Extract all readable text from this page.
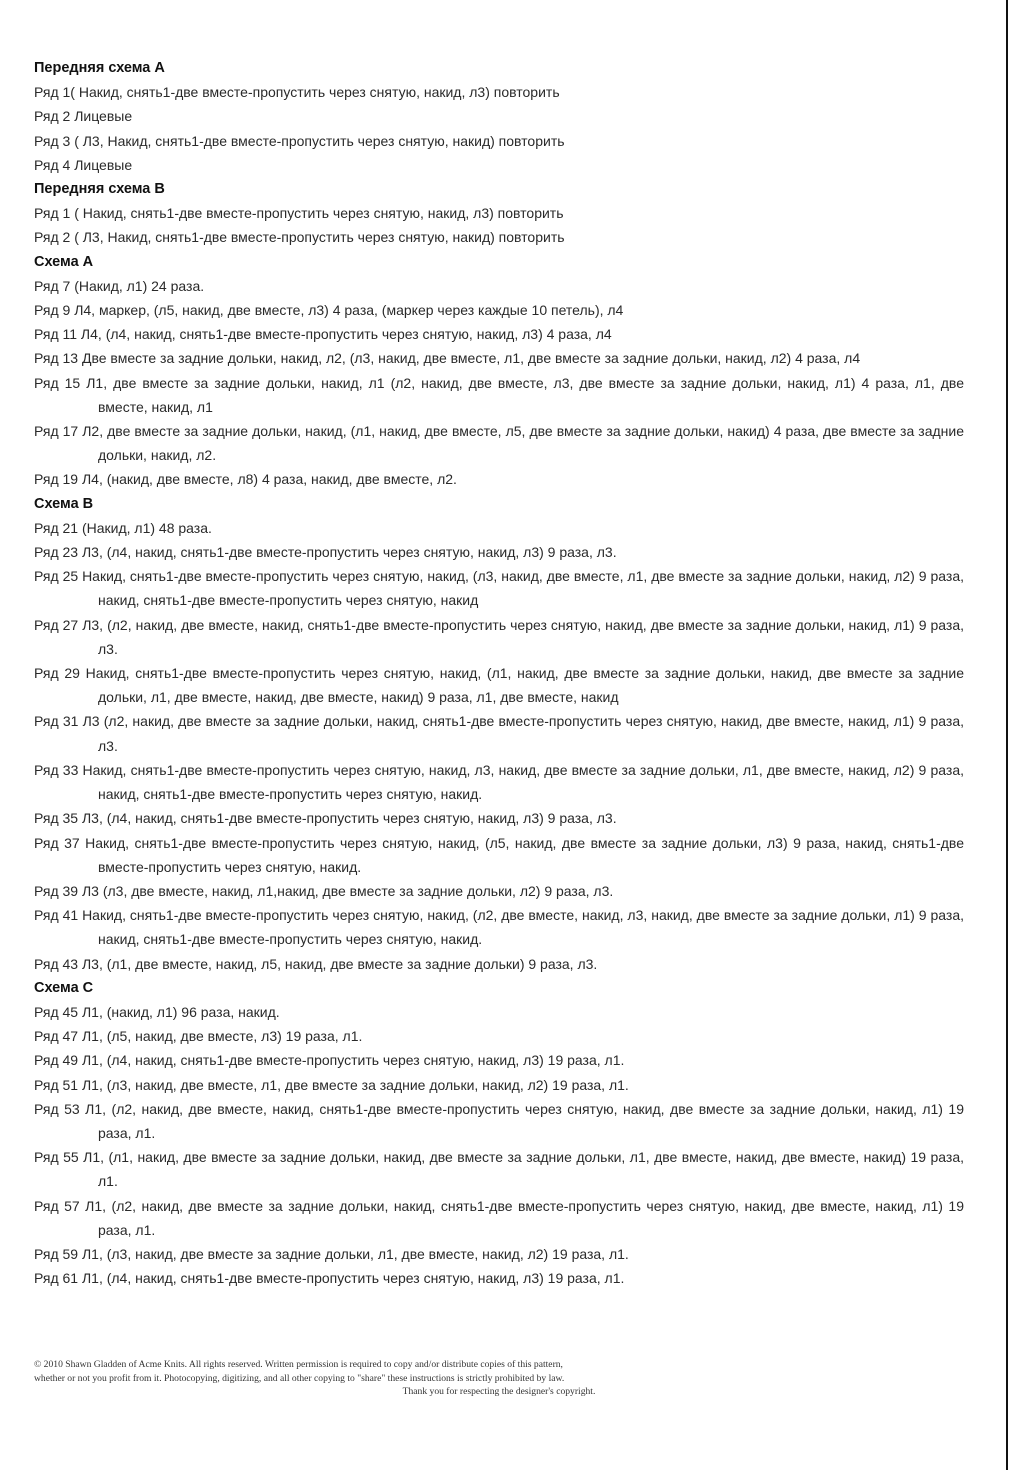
Передняя схема А
Ряд 1( Накид, снять1-две вместе-пропустить через снятую, накид, л3) повторить
Ряд 2 Лицевые
Ряд 3 ( Л3, Накид, снять1-две вместе-пропустить через снятую, накид) повторить
Ряд 4 Лицевые
Передняя схема В
Ряд 1 ( Накид, снять1-две вместе-пропустить через снятую, накид, л3) повторить
Ряд 2 ( Л3, Накид, снять1-две вместе-пропустить через снятую, накид) повторить
Схема А
Ряд 7 (Накид, л1) 24 раза.
Ряд 9 Л4, маркер, (л5, накид, две вместе, л3) 4 раза, (маркер через каждые 10 петель), л4
Ряд 11 Л4, (л4, накид, снять1-две вместе-пропустить через снятую, накид, л3) 4 раза, л4
Ряд 13 Две вместе за задние дольки, накид, л2, (л3, накид, две вместе, л1, две вместе за задние дольки, накид, л2) 4 раза, л4
Ряд 15 Л1, две вместе за задние дольки, накид, л1 (л2, накид, две вместе, л3, две вместе за задние дольки, накид, л1) 4 раза, л1, две вместе, накид, л1
Ряд 17 Л2, две вместе за задние дольки, накид, (л1, накид, две вместе, л5, две вместе за задние дольки, накид) 4 раза, две вместе за задние дольки, накид, л2.
Ряд 19 Л4, (накид, две вместе, л8) 4 раза, накид, две вместе, л2.
Схема В
Ряд 21 (Накид, л1) 48 раза.
Ряд 23 Л3, (л4, накид, снять1-две вместе-пропустить через снятую, накид, л3) 9 раза, л3.
Ряд 25 Накид, снять1-две вместе-пропустить через снятую, накид, (л3, накид, две вместе, л1, две вместе за задние дольки, накид, л2) 9 раза, накид, снять1-две вместе-пропустить через снятую, накид
Ряд 27 Л3, (л2, накид, две вместе, накид, снять1-две вместе-пропустить через снятую, накид, две вместе за задние дольки, накид, л1) 9 раза, л3.
Ряд 29 Накид, снять1-две вместе-пропустить через снятую, накид, (л1, накид, две вместе за задние дольки, накид, две вместе за задние дольки, л1, две вместе, накид, две вместе, накид) 9 раза, л1, две вместе, накид
Ряд 31 Л3 (л2, накид, две вместе за задние дольки, накид, снять1-две вместе-пропустить через снятую, накид, две вместе, накид, л1) 9 раза, л3.
Ряд 33 Накид, снять1-две вместе-пропустить через снятую, накид, л3, накид, две вместе за задние дольки, л1, две вместе, накид, л2) 9 раза, накид, снять1-две вместе-пропустить через снятую, накид.
Ряд 35 Л3, (л4, накид, снять1-две вместе-пропустить через снятую, накид, л3) 9 раза, л3.
Ряд 37 Накид, снять1-две вместе-пропустить через снятую, накид, (л5, накид, две вместе за задние дольки, л3) 9 раза, накид, снять1-две вместе-пропустить через снятую, накид.
Ряд 39 Л3 (л3, две вместе, накид, л1,накид, две вместе за задние дольки, л2) 9 раза, л3.
Ряд 41 Накид, снять1-две вместе-пропустить через снятую, накид, (л2, две вместе, накид, л3, накид, две вместе за задние дольки, л1) 9 раза, накид, снять1-две вместе-пропустить через снятую, накид.
Ряд 43 Л3, (л1, две вместе, накид, л5, накид, две вместе за задние дольки) 9 раза, л3.
Схема С
Ряд 45 Л1, (накид, л1) 96 раза, накид.
Ряд 47 Л1, (л5, накид, две вместе, л3) 19 раза, л1.
Ряд 49 Л1, (л4, накид, снять1-две вместе-пропустить через снятую, накид, л3) 19 раза, л1.
Ряд 51 Л1, (л3, накид, две вместе, л1, две вместе за задние дольки, накид, л2) 19 раза, л1.
Ряд 53 Л1, (л2, накид, две вместе, накид, снять1-две вместе-пропустить через снятую, накид, две вместе за задние дольки, накид, л1) 19 раза, л1.
Ряд 55 Л1, (л1, накид, две вместе за задние дольки, накид, две вместе за задние дольки, л1, две вместе, накид, две вместе, накид) 19 раза, л1.
Ряд 57 Л1, (л2, накид, две вместе за задние дольки, накид, снять1-две вместе-пропустить через снятую, накид, две вместе, накид, л1) 19 раза, л1.
Ряд 59 Л1, (л3, накид, две вместе за задние дольки, л1, две вместе, накид, л2) 19 раза, л1.
Ряд 61 Л1, (л4, накид, снять1-две вместе-пропустить через снятую, накид, л3) 19 раза, л1.
© 2010 Shawn Gladden of Acme Knits. All rights reserved. Written permission is required to copy and/or distribute copies of this pattern,
whether or not you profit from it. Photocopying, digitizing, and all other copying to "share" these instructions is strictly prohibited by law.
Thank you for respecting the designer's copyright.
